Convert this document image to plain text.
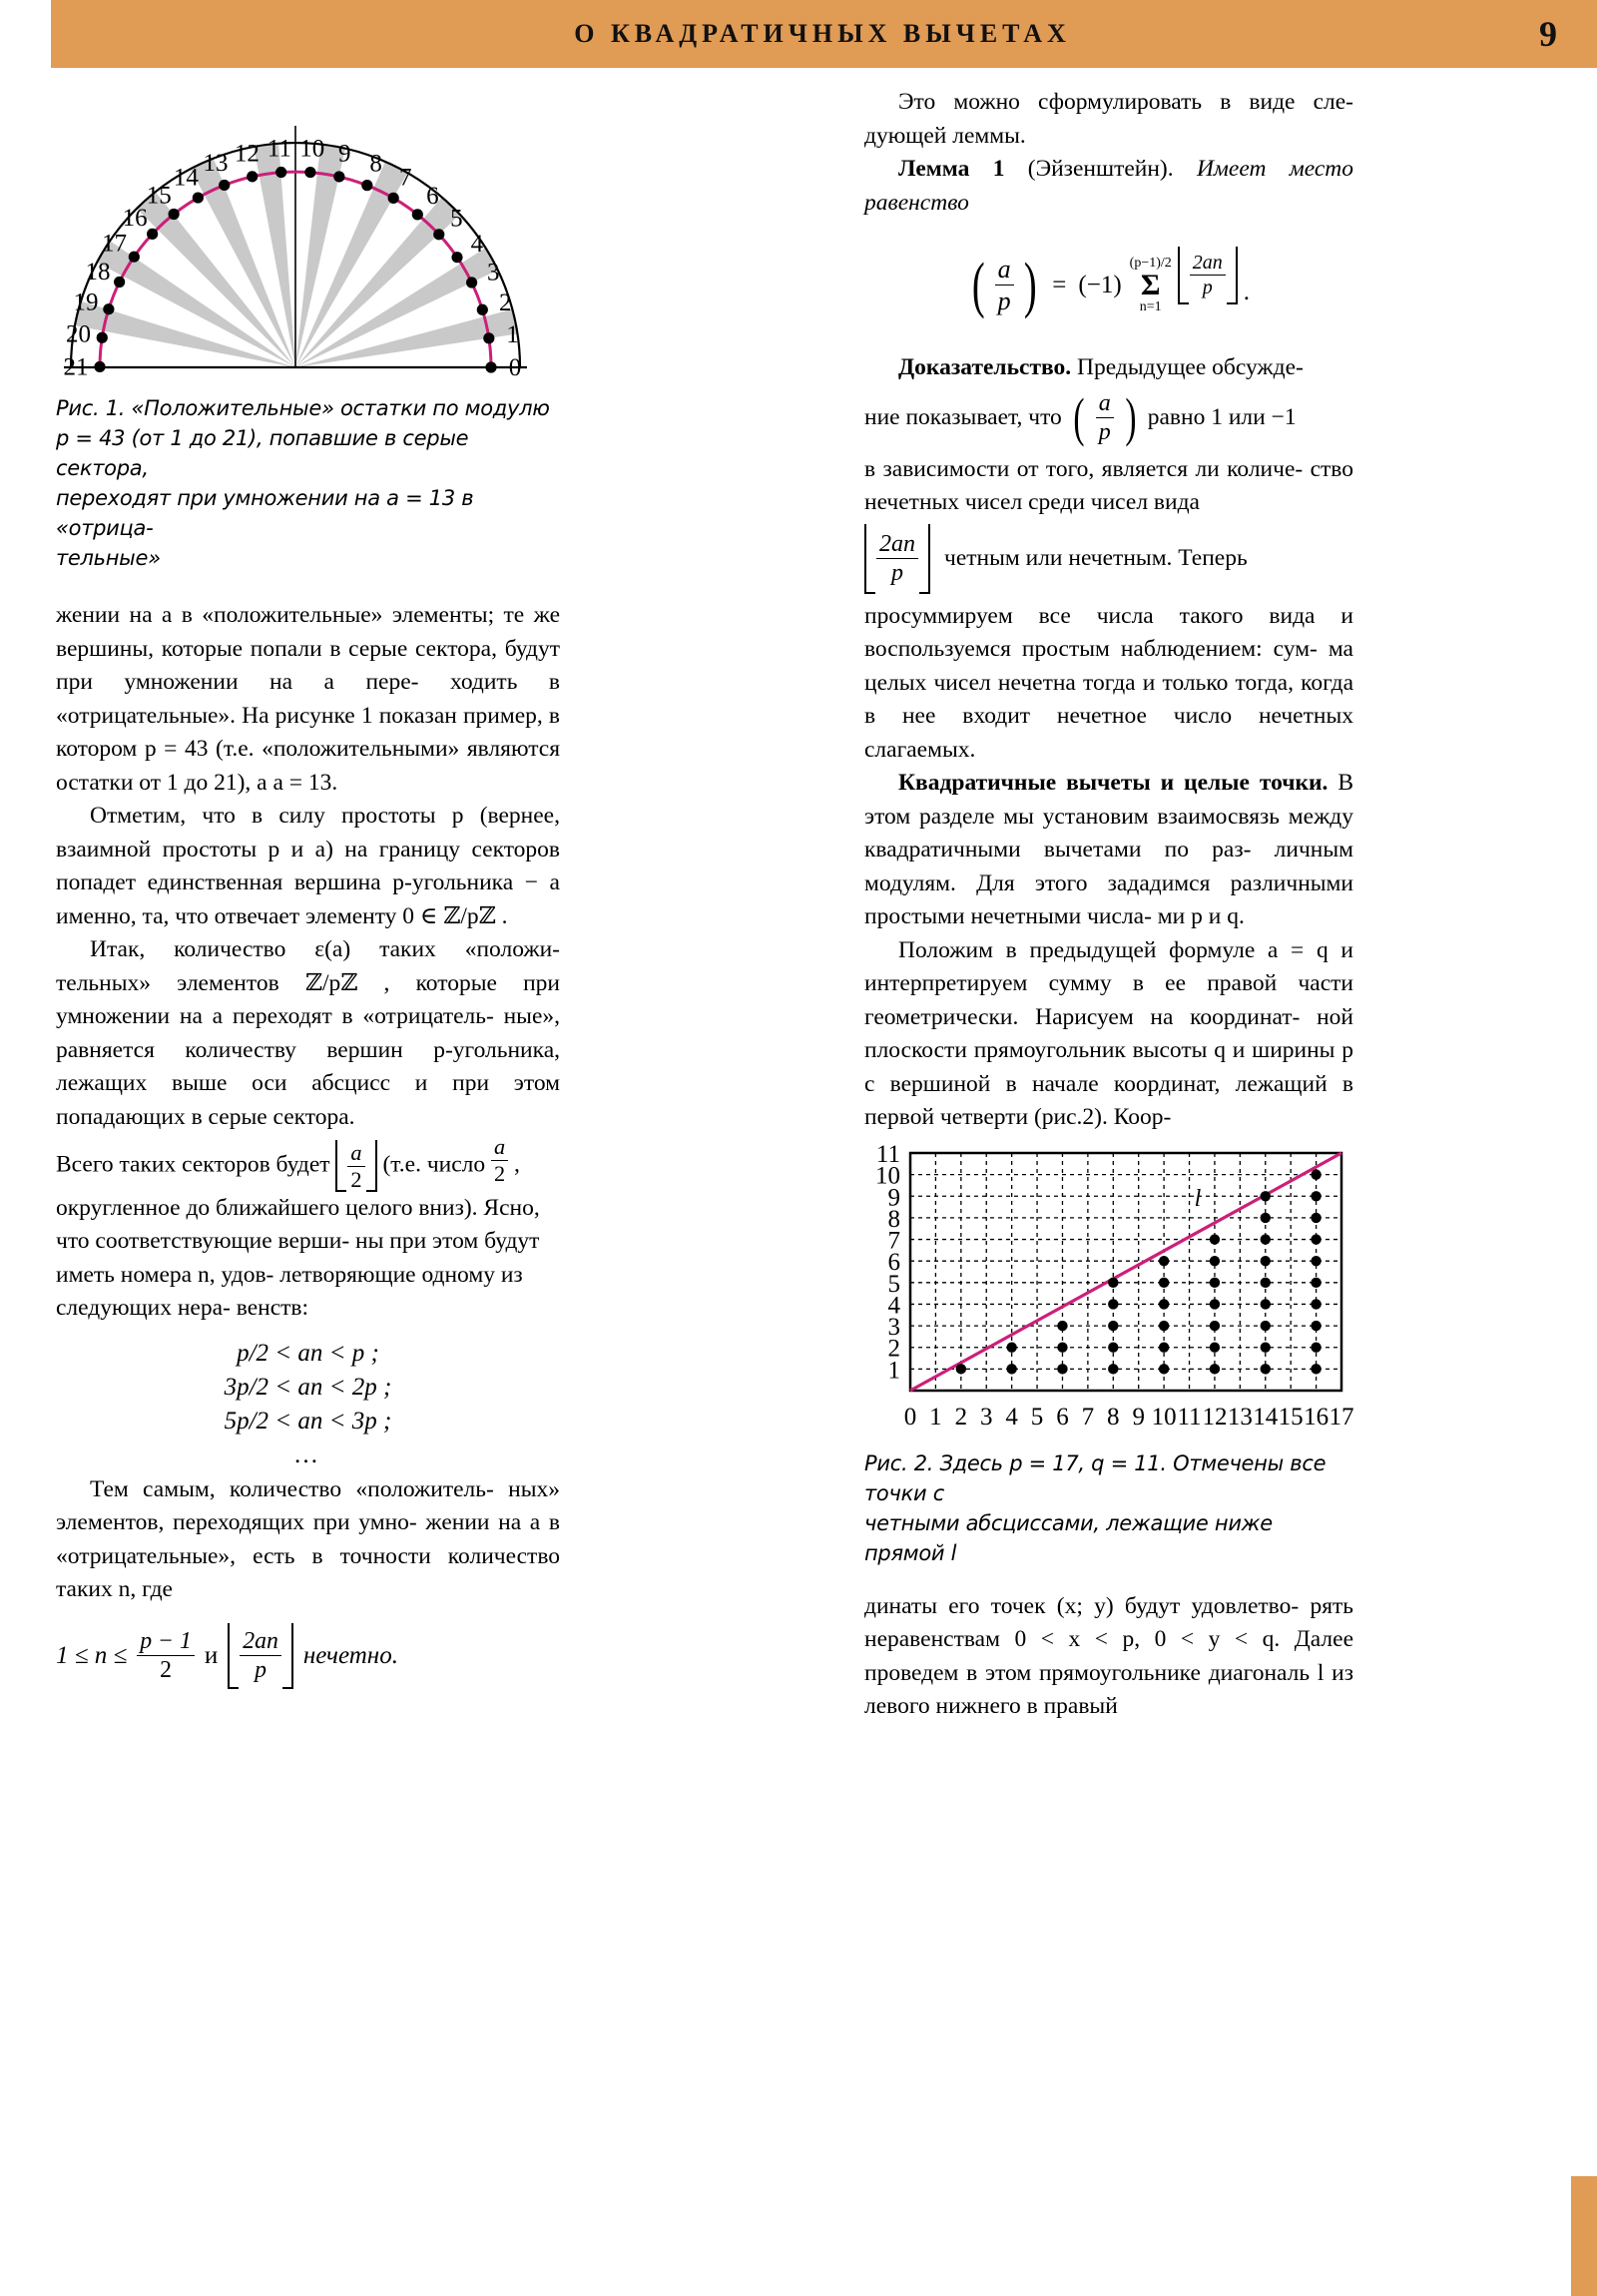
О КВАДРАТИЧНЫХ ВЫЧЕТАХ	9
0
1
2
3
4
5
6
7
8
9
10
11
12
13
14
15
16
17
18
19
20
21
Рис. 1. «Положительные» остатки по модулю
p = 43 (от 1 до 21), попавшие в серые сектора,
переходят при умножении на a = 13 в «отрица-
тельные»

жении на a в «положительные» элементы; те же вершины, которые попали в серые сектора, будут при умножении на a пере- ходить в «отрицательные». На рисунке 1 показан пример, в котором p = 43 (т.е. «положительными» являются остатки от 1 до 21), а a = 13.

Отметим, что в силу простоты p (вернее, взаимной простоты p и a) на границу секторов попадет единственная вершина p-угольника − а именно, та, что отвечает элементу 0 ∈ ℤ/pℤ .

Итак, количество ε(a) таких «положи- тельных» элементов ℤ/pℤ , которые при умножении на a переходят в «отрицатель- ные», равняется количеству вершин p-угольника, лежащих выше оси абсцисс и при этом попадающих в серые сектора.

Всего таких секторов будет $\frac{a}{2} (т.е$. число $\frac{a}{2}$ , округленное до ближайшего целого вниз). Ясно, что соответствующие верши- ны при этом будут иметь номера n, удов- летворяющие одному из следующих нера- венств:

p/2 < an < p ;
3p/2 < an < 2p ;
5p/2 < an < 3p ;
…

Тем самым, количество «положитель- ных» элементов, переходящих при умно- жении на a в «отрицательные», есть в точности количество таких n, где

$1 \le n \le \frac{p - 1}{2}$ и $\frac{2an}{p}$ нечетно.

Это можно сформулировать в виде сле- дующей леммы.

Лемма 1 (Эйзенштейн). Имеет место равенство

( $\frac{a}{p}$ ) = (−1)
(p−1)/2
Σ
n=1
$\frac{2an}{p}$ .

Доказательство. Предыдущее обсужде-

ние показывает, что ( $\frac{a}{p}$ ) равно 1 или −1

в зависимости от того, является ли количе- ство нечетных чисел среди чисел вида

$\frac{2an}{p}$ четным или нечетным. Теперь

просуммируем все числа такого вида и воспользуемся простым наблюдением: сум- ма целых чисел нечетна тогда и только тогда, когда в нее входит нечетное число нечетных слагаемых.

Квадратичные вычеты и целые точки. В этом разделе мы установим взаимосвязь между квадратичными вычетами по раз- личным модулям. Для этого зададимся различными простыми нечетными числа- ми p и q.

Положим в предыдущей формуле a = q и интерпретируем сумму в ее правой части геометрически. Нарисуем на координат- ной плоскости прямоугольник высоты q и ширины p с вершиной в начале координат, лежащий в первой четверти (рис.2). Коор-

l
0 1 2 3 4 5 6 7 8 9 10 11 12 13 14 15 16 17
1
2
3
4
5
6
7
8
9
10
11
Рис. 2. Здесь p = 17, q = 11. Отмечены все точки с
четными абсциссами, лежащие ниже прямой l

динаты его точек (x; y) будут удовлетво- рять неравенствам 0 < x < p, 0 < y < q. Далее проведем в этом прямоугольнике диагональ l из левого нижнего в правый
